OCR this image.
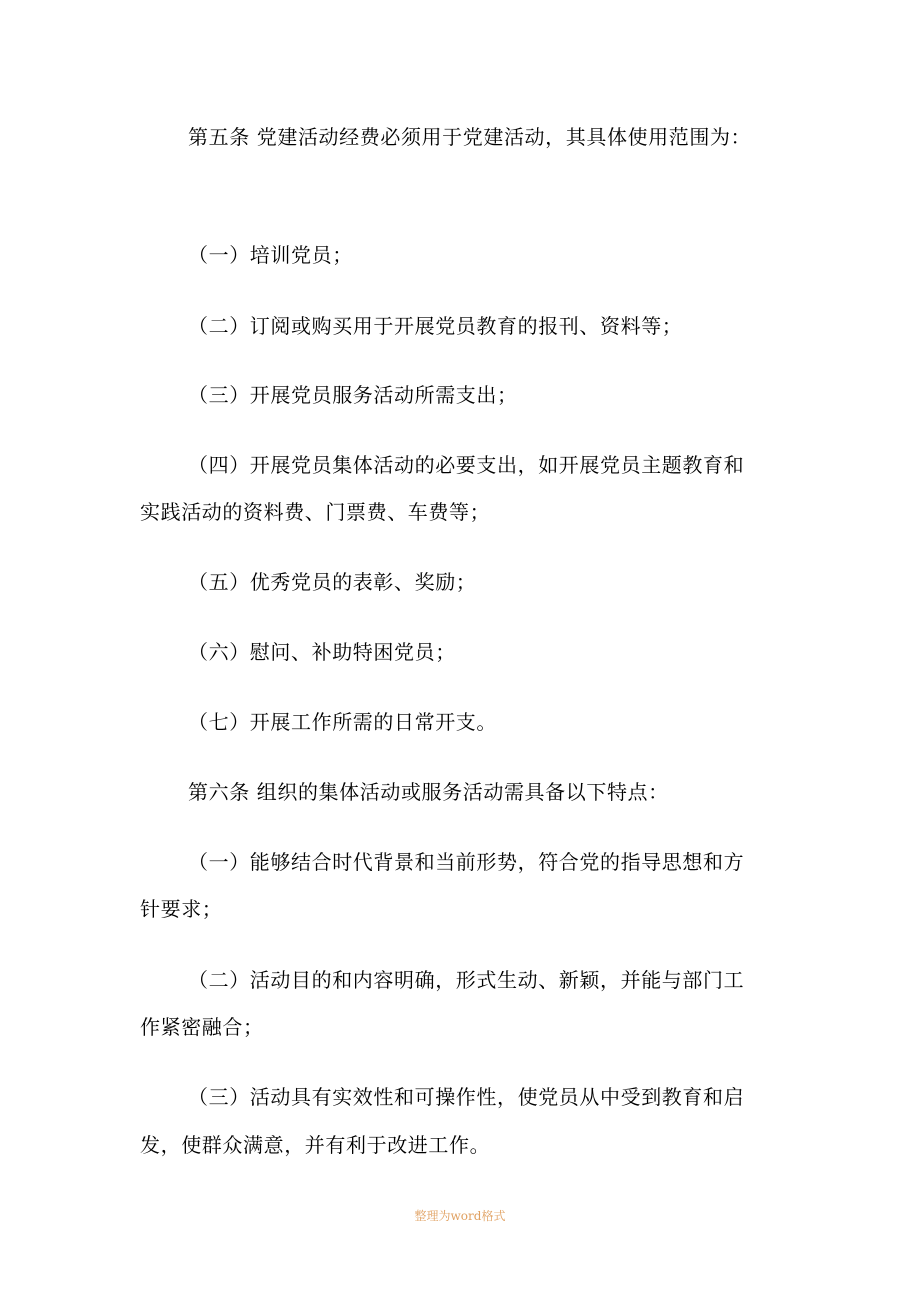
第五条 党建活动经费必须用于党建活动，其具体使用范围为：
（一）培训党员；
（二）订阅或购买用于开展党员教育的报刊、资料等；
（三）开展党员服务活动所需支出；
（四）开展党员集体活动的必要支出，如开展党员主题教育和
实践活动的资料费、门票费、车费等；
（五）优秀党员的表彰、奖励；
（六）慰问、补助特困党员；
（七）开展工作所需的日常开支。
第六条 组织的集体活动或服务活动需具备以下特点：
（一）能够结合时代背景和当前形势，符合党的指导思想和方
针要求；
（二）活动目的和内容明确，形式生动、新颖，并能与部门工
作紧密融合；
（三）活动具有实效性和可操作性，使党员从中受到教育和启
发，使群众满意，并有利于改进工作。
整理为word格式
